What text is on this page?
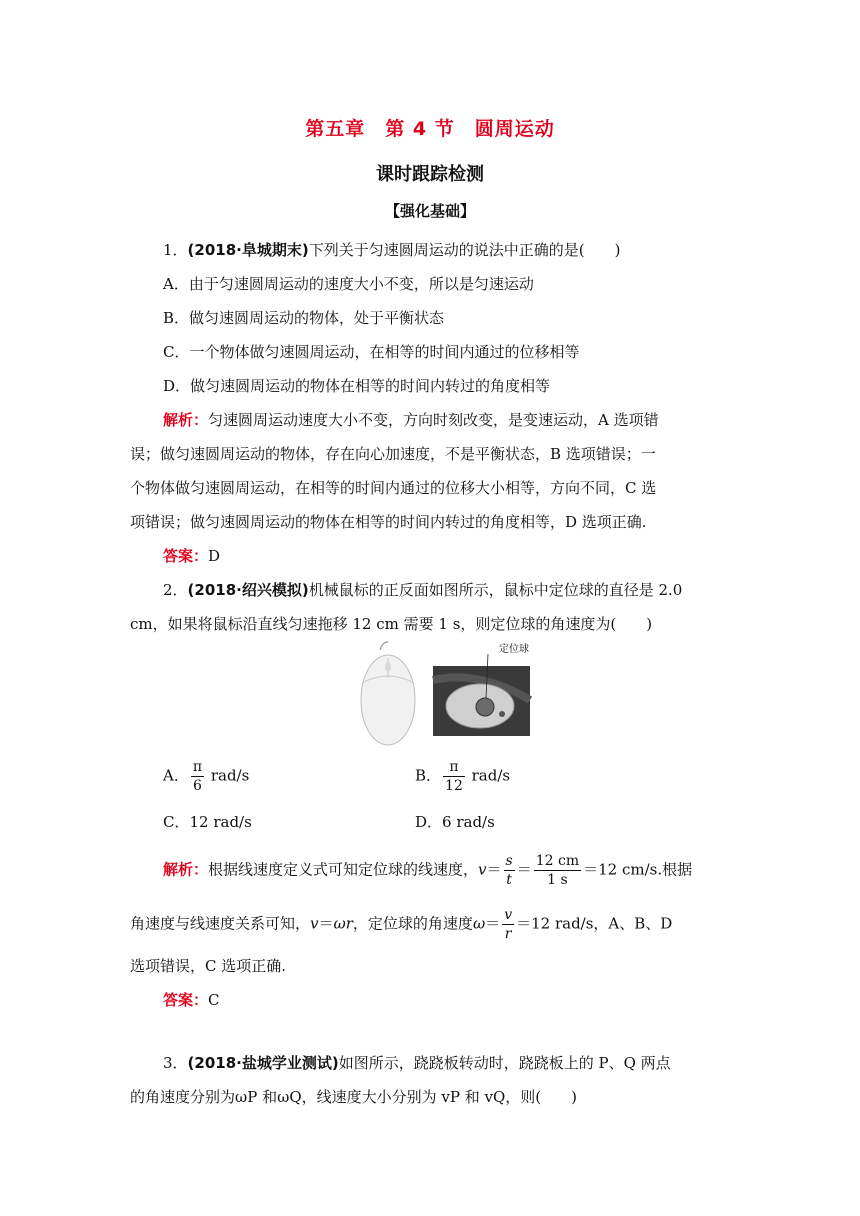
第五章　第 4 节　圆周运动
课时跟踪检测
【强化基础】
1．(2018·阜城期末)下列关于匀速圆周运动的说法中正确的是(　　)
A．由于匀速圆周运动的速度大小不变，所以是匀速运动
B．做匀速圆周运动的物体，处于平衡状态
C．一个物体做匀速圆周运动，在相等的时间内通过的位移相等
D．做匀速圆周运动的物体在相等的时间内转过的角度相等
解析：匀速圆周运动速度大小不变，方向时刻改变，是变速运动，A 选项错
误；做匀速圆周运动的物体，存在向心加速度，不是平衡状态，B 选项错误；一
个物体做匀速圆周运动，在相等的时间内通过的位移大小相等，方向不同，C 选
项错误；做匀速圆周运动的物体在相等的时间内转过的角度相等，D 选项正确.
答案：D
2．(2018·绍兴模拟)机械鼠标的正反面如图所示，鼠标中定位球的直径是 2.0
cm，如果将鼠标沿直线匀速拖移 12 cm 需要 1 s，则定位球的角速度为(　　)
定位球
A． $\frac{\pi}{6} rad/s$	B． $\frac{\pi}{12} rad/s$
C．12 rad/s	D．6 rad/s
解析：根据线速度定义式可知定位球的线速度，$v= \frac{s}{t} = \frac{12 cm}{1 s} =12$ cm/s.根据
角速度与线速度关系可知，v＝ωr，定位球的角速度$\omega= \frac{v}{r} =12$ rad/s，A、B、D
选项错误，C 选项正确.
答案：C
3．(2018·盐城学业测试)如图所示，跷跷板转动时，跷跷板上的 P、Q 两点
的角速度分别为ωP 和ωQ，线速度大小分别为 vP 和 vQ，则(　　)
